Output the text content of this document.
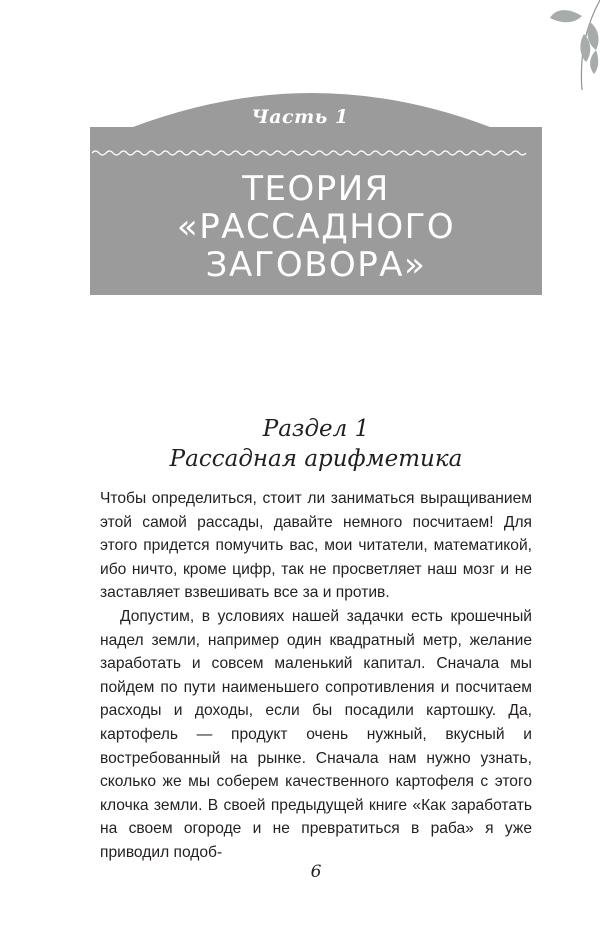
Часть 1
ТЕОРИЯ
«РАССАДНОГО
ЗАГОВОРА»
Раздел 1
Рассадная арифметика

Чтобы определиться, стоит ли заниматься выращиванием этой самой рассады, давайте немного посчитаем! Для этого придется помучить вас, мои читатели, математикой, ибо ничто, кроме цифр, так не просветляет наш мозг и не заставляет взвешивать все за и против.

Допустим, в условиях нашей задачки есть крошечный надел земли, например один квадратный метр, желание заработать и совсем маленький капитал. Сначала мы пойдем по пути наименьшего сопротивления и посчитаем расходы и доходы, если бы посадили картошку. Да, картофель — продукт очень нужный, вкусный и востребованный на рынке. Сначала нам нужно узнать, сколько же мы соберем качественного картофеля с этого клочка земли. В своей предыдущей книге «Как заработать на своем огороде и не превратиться в раба» я уже приводил подоб-

6
